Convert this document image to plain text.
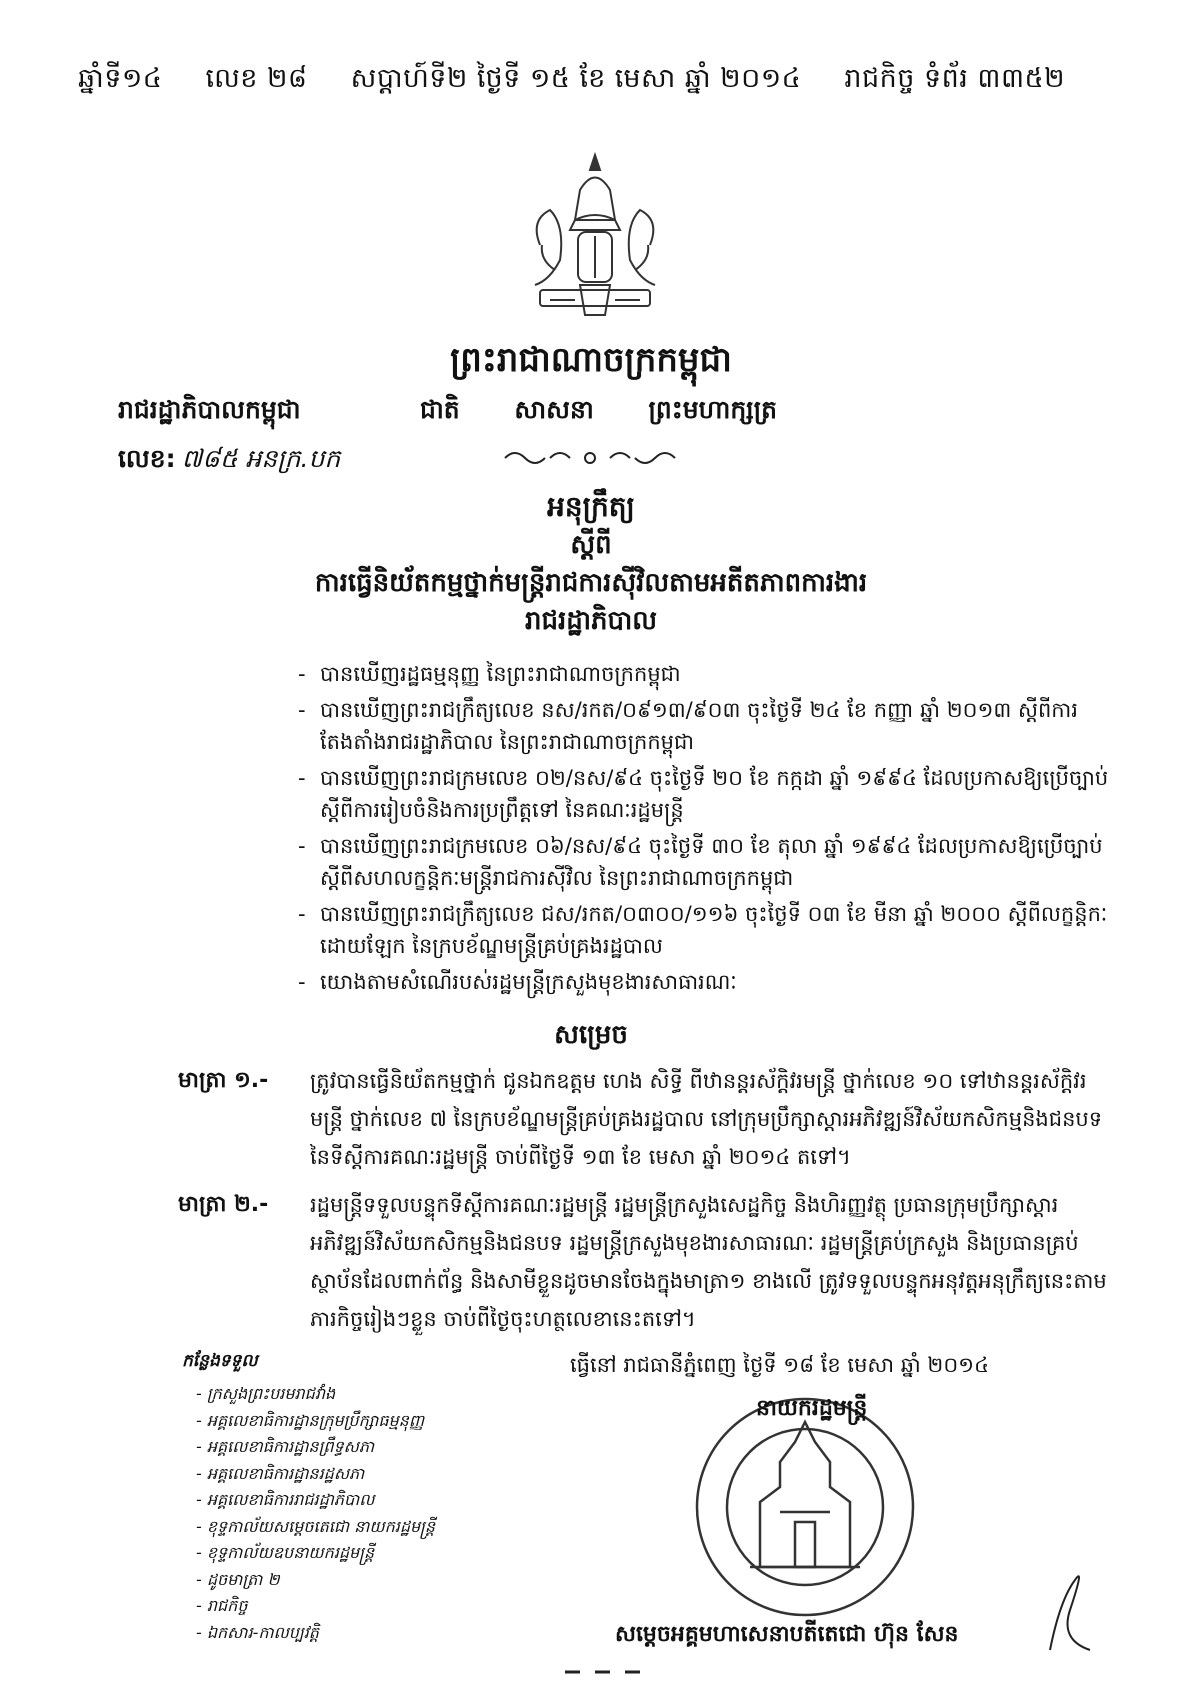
ឆ្នាំទី១៤ លេខ ២៨ សប្តាហ៍ទី២ ថ្ងៃទី ១៥ ខែ មេសា ឆ្នាំ ២០១៤ រាជកិច្ច ទំព័រ ៣៣៥២
ព្រះរាជាណាចក្រកម្ពុជា
រាជរដ្ឋាភិបាលកម្ពុជា	ជាតិ សាសនា ព្រះមហាក្សត្រ
លេខ: ៧៨៥ អនក្រ.បក
អនុក្រឹត្យ
ស្តីពី
ការធ្វើនិយ័តកម្មថ្នាក់មន្ត្រីរាជការស៊ីវិលតាមអតីតភាពការងារ
រាជរដ្ឋាភិបាល
- បានឃើញរដ្ឋធម្មនុញ្ញ នៃព្រះរាជាណាចក្រកម្ពុជា
- បានឃើញព្រះរាជក្រឹត្យលេខ នស/រកត/០៩១៣/៩០៣ ចុះថ្ងៃទី ២៤ ខែ កញ្ញា ឆ្នាំ ២០១៣ ស្តីពីការតែងតាំងរាជរដ្ឋាភិបាល នៃព្រះរាជាណាចក្រកម្ពុជា
- បានឃើញព្រះរាជក្រមលេខ ០២/នស/៩៤ ចុះថ្ងៃទី ២០ ខែ កក្កដា ឆ្នាំ ១៩៩៤ ដែលប្រកាសឱ្យប្រើច្បាប់ស្តីពីការរៀបចំនិងការប្រព្រឹត្តទៅ នៃគណៈរដ្ឋមន្ត្រី
- បានឃើញព្រះរាជក្រមលេខ ០៦/នស/៩៤ ចុះថ្ងៃទី ៣០ ខែ តុលា ឆ្នាំ ១៩៩៤ ដែលប្រកាសឱ្យប្រើច្បាប់ស្តីពីសហលក្ខន្តិកៈមន្ត្រីរាជការស៊ីវិល នៃព្រះរាជាណាចក្រកម្ពុជា
- បានឃើញព្រះរាជក្រឹត្យលេខ ជស/រកត/០៣០០/១១៦ ចុះថ្ងៃទី ០៣ ខែ មីនា ឆ្នាំ ២០០០ ស្តីពីលក្ខន្តិកៈដោយឡែក នៃក្របខ័ណ្ឌមន្ត្រីគ្រប់គ្រងរដ្ឋបាល
- យោងតាមសំណើរបស់រដ្ឋមន្ត្រីក្រសួងមុខងារសាធារណៈ
សម្រេច
មាត្រា ១.-	ត្រូវបានធ្វើនិយ័តកម្មថ្នាក់ ជូនឯកឧត្តម ហេង សិទ្ធី ពីឋានន្តរស័ក្តិវរមន្ត្រី ថ្នាក់លេខ ១០ ទៅឋានន្តរស័ក្តិវរមន្ត្រី ថ្នាក់លេខ ៧ នៃក្របខ័ណ្ឌមន្ត្រីគ្រប់គ្រងរដ្ឋបាល នៅក្រុមប្រឹក្សាស្តារអភិវឌ្ឍន៍វិស័យកសិកម្មនិងជនបទ នៃទីស្តីការគណៈរដ្ឋមន្ត្រី ចាប់ពីថ្ងៃទី ១៣ ខែ មេសា ឆ្នាំ ២០១៤ តទៅ។
មាត្រា ២.-	រដ្ឋមន្ត្រីទទួលបន្ទុកទីស្តីការគណៈរដ្ឋមន្ត្រី រដ្ឋមន្ត្រីក្រសួងសេដ្ឋកិច្ច និងហិរញ្ញវត្ថុ ប្រធានក្រុមប្រឹក្សាស្តារអភិវឌ្ឍន៍វិស័យកសិកម្មនិងជនបទ រដ្ឋមន្ត្រីក្រសួងមុខងារសាធារណៈ រដ្ឋមន្ត្រីគ្រប់ក្រសួង និងប្រធានគ្រប់ស្ថាប័នដែលពាក់ព័ន្ធ និងសាមីខ្លួនដូចមានចែងក្នុងមាត្រា១ ខាងលើ ត្រូវទទួលបន្ទុកអនុវត្តអនុក្រឹត្យនេះតាមភារកិច្ចរៀងៗខ្លួន ចាប់ពីថ្ងៃចុះហត្ថលេខានេះតទៅ។
កន្លែងទទួល
- ក្រសួងព្រះបរមរាជវាំង
- អគ្គលេខាធិការដ្ឋានក្រុមប្រឹក្សាធម្មនុញ្ញ
- អគ្គលេខាធិការដ្ឋានព្រឹទ្ធសភា
- អគ្គលេខាធិការដ្ឋានរដ្ឋសភា
- អគ្គលេខាធិការរាជរដ្ឋាភិបាល
- ខុទ្ទកាល័យសម្តេចតេជោ នាយករដ្ឋមន្ត្រី
- ខុទ្ទកាល័យឧបនាយករដ្ឋមន្ត្រី
- ដូចមាត្រា ២
- រាជកិច្ច
- ឯកសារ-កាលប្បវត្តិ
ធ្វើនៅ រាជធានីភ្នំពេញ ថ្ងៃទី ១៨ ខែ មេសា ឆ្នាំ ២០១៤
នាយករដ្ឋមន្ត្រី
សម្តេចអគ្គមហាសេនាបតីតេជោ ហ៊ុន សែន
